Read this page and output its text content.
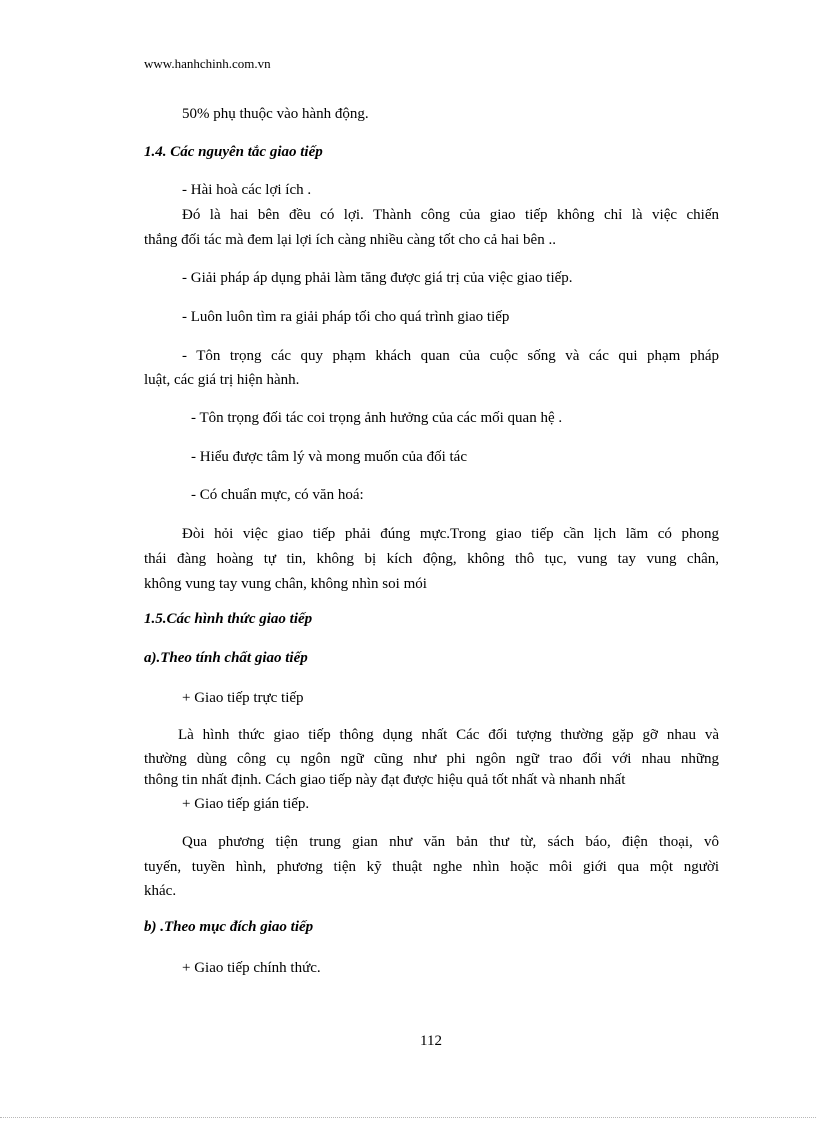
www.hanhchinh.com.vn
50% phụ thuộc vào hành động.
1.4. Các nguyên tắc giao tiếp
- Hài hoà các lợi ích .
Đó là hai bên đều có lợi. Thành công của giao tiếp không chỉ là việc chiến
thắng đối tác mà đem lại lợi ích càng nhiều càng tốt cho cả hai bên ..
- Giải pháp áp dụng phải làm tăng được giá trị của việc giao tiếp.
- Luôn luôn tìm ra giải pháp tối cho quá trình giao tiếp
- Tôn trọng các quy phạm khách quan của cuộc sống và các qui phạm pháp
luật, các giá trị hiện hành.
- Tôn trọng đối tác coi trọng ảnh hưởng của các mối quan hệ .
- Hiểu được tâm lý và mong muốn của đối tác
- Có chuẩn mực, có văn hoá:
Đòi hỏi việc giao tiếp phải đúng mực.Trong giao tiếp cần lịch lãm có phong
thái đàng hoàng tự tin, không bị kích động, không thô tục, vung tay vung chân,
không vung tay vung chân, không nhìn soi mói
1.5.Các hình thức giao tiếp
a).Theo tính chất giao tiếp
+ Giao tiếp trực tiếp
Là hình thức giao tiếp thông dụng nhất Các đối tượng thường gặp gỡ nhau và
thường dùng công cụ ngôn ngữ cũng như phi ngôn ngữ trao đổi với nhau những
thông tin nhất định. Cách giao tiếp này đạt được hiệu quả tốt nhất và nhanh nhất
+ Giao tiếp gián tiếp.
Qua phương tiện trung gian như văn bản thư từ, sách báo, điện thoại, vô
tuyến, tuyền hình, phương tiện kỹ thuật nghe nhìn hoặc môi giới qua một người
khác.
b) .Theo mục đích giao tiếp
+ Giao tiếp chính thức.
112
